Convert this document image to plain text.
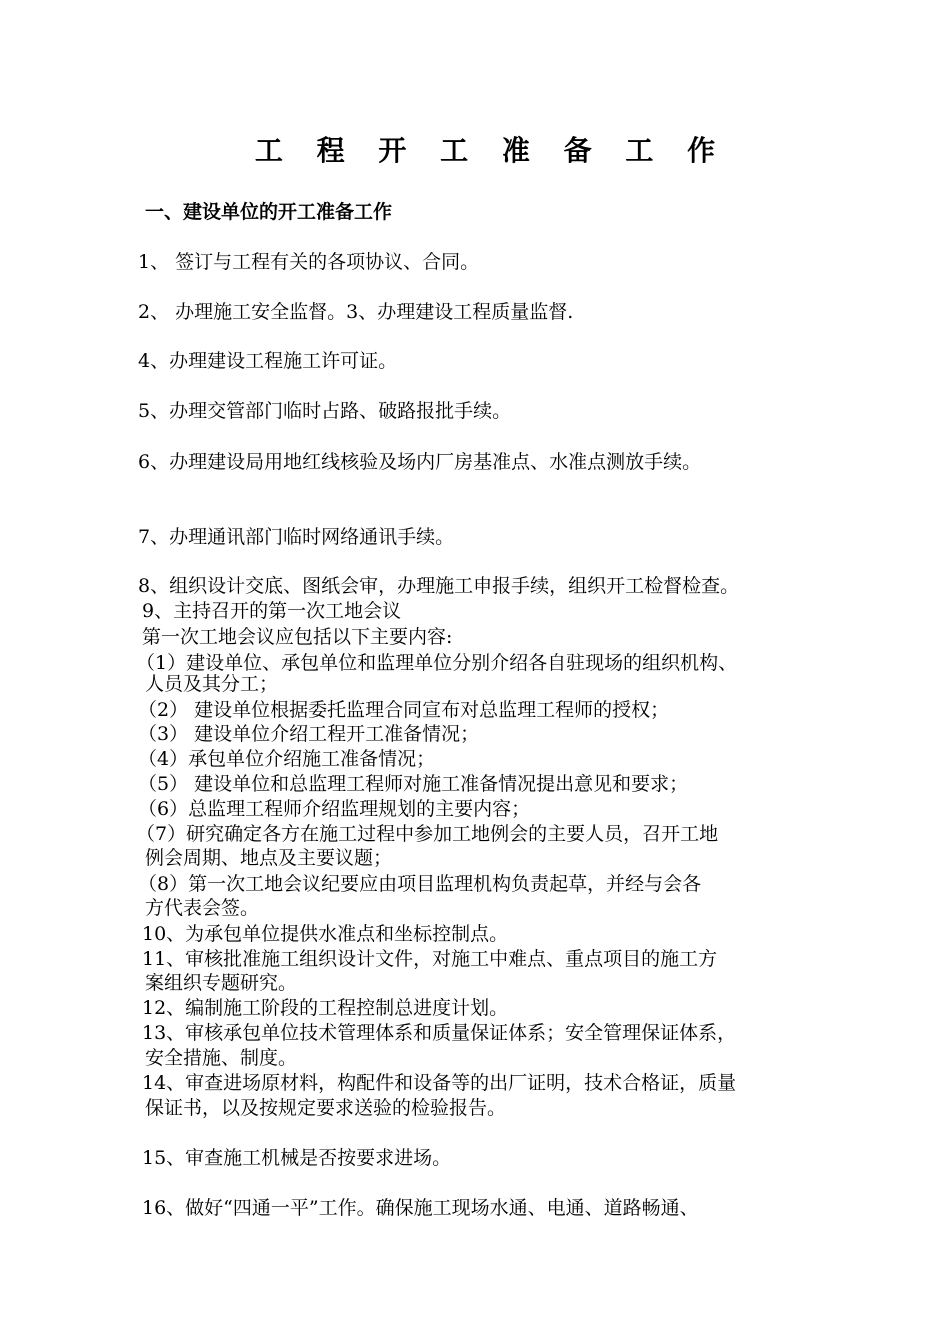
工 程 开 工 准 备 工 作
一、建设单位的开工准备工作
1、 签订与工程有关的各项协议、合同。
2、 办理施工安全监督。3、办理建设工程质量监督.
4、办理建设工程施工许可证。
5、办理交管部门临时占路、破路报批手续。
6、办理建设局用地红线核验及场内厂房基准点、水准点测放手续。
7、办理通讯部门临时网络通讯手续。
8、组织设计交底、图纸会审，办理施工申报手续，组织开工检督检查。
9、主持召开的第一次工地会议
第一次工地会议应包括以下主要内容:
（1）建设单位、承包单位和监理单位分别介绍各自驻现场的组织机构、
人员及其分工；
（2） 建设单位根据委托监理合同宣布对总监理工程师的授权；
（3） 建设单位介绍工程开工准备情况；
（4）承包单位介绍施工准备情况；
（5） 建设单位和总监理工程师对施工准备情况提出意见和要求；
（6）总监理工程师介绍监理规划的主要内容；
（7）研究确定各方在施工过程中参加工地例会的主要人员，召开工地
例会周期、地点及主要议题；
（8）第一次工地会议纪要应由项目监理机构负责起草，并经与会各
方代表会签。
10、为承包单位提供水准点和坐标控制点。
11、审核批准施工组织设计文件，对施工中难点、重点项目的施工方
案组织专题研究。
12、编制施工阶段的工程控制总进度计划。
13、审核承包单位技术管理体系和质量保证体系；安全管理保证体系，
安全措施、制度。
14、审查进场原材料，构配件和设备等的出厂证明，技术合格证，质量
保证书，以及按规定要求送验的检验报告。
15、审查施工机械是否按要求进场。
16、做好“四通一平”工作。确保施工现场水通、电通、道路畅通、
